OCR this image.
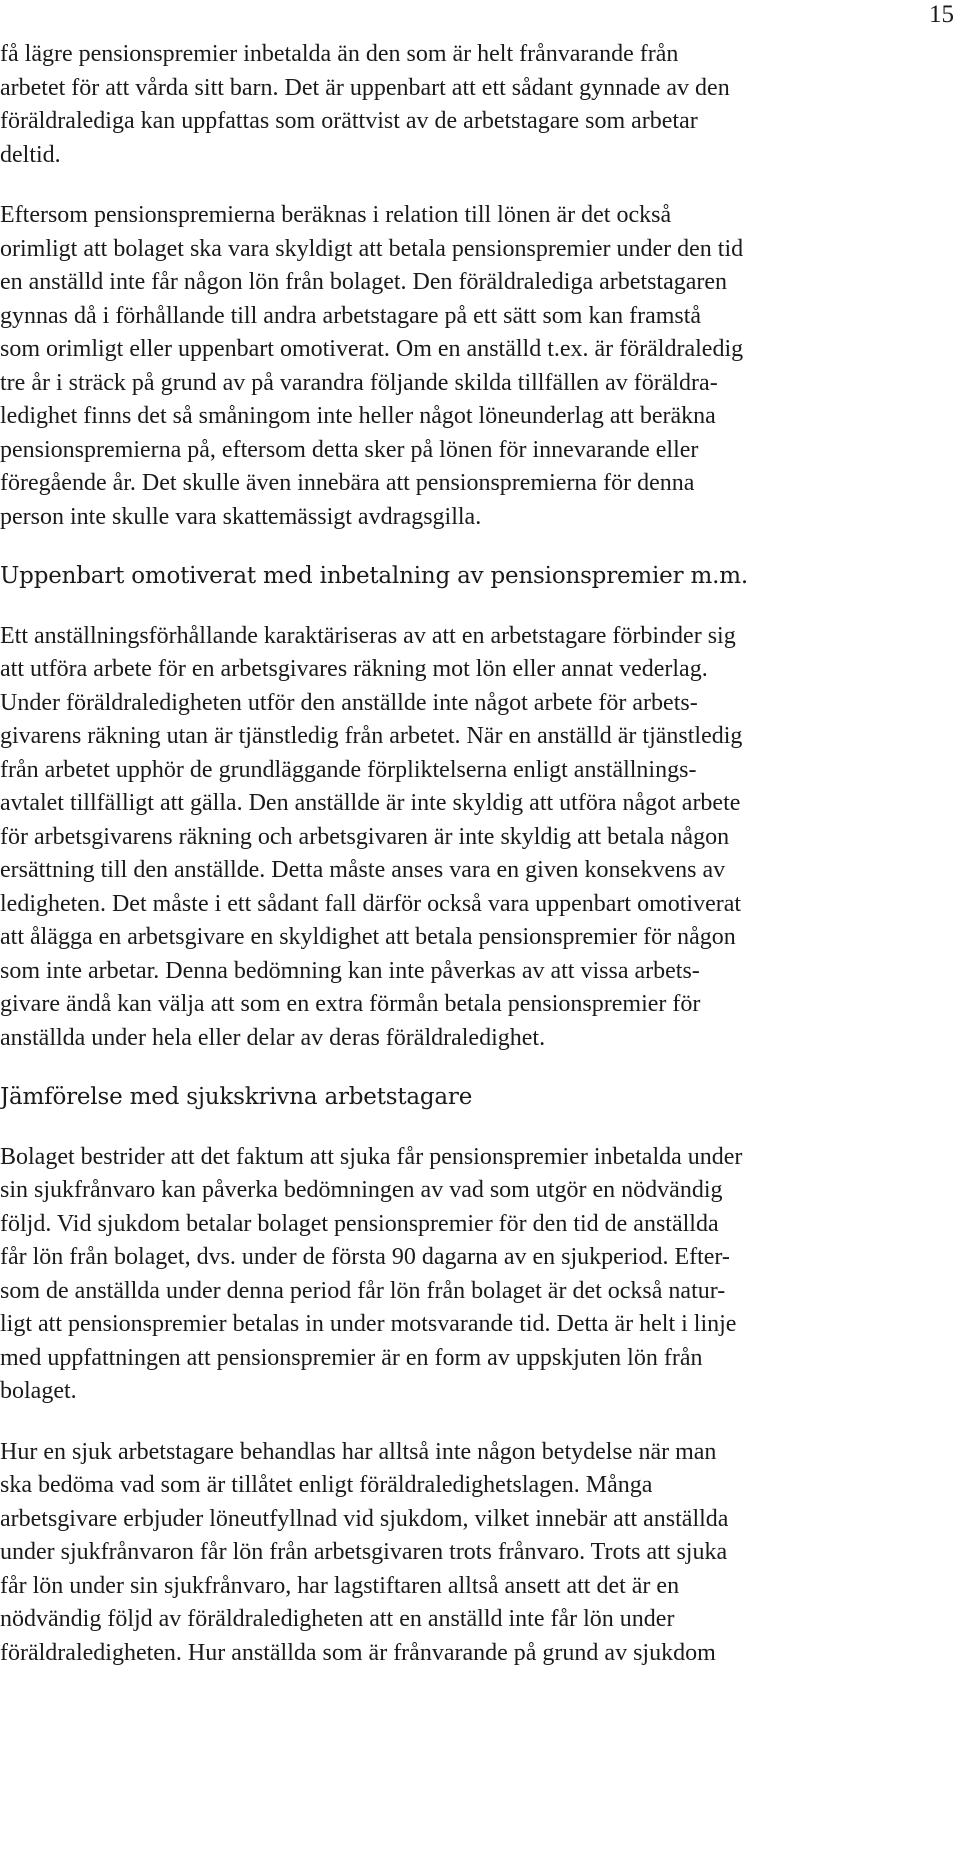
15

få lägre pensionspremier inbetalda än den som är helt frånvarande från
arbetet för att vårda sitt barn. Det är uppenbart att ett sådant gynnade av den
föräldralediga kan uppfattas som orättvist av de arbetstagare som arbetar
deltid.

Eftersom pensionspremierna beräknas i relation till lönen är det också
orimligt att bolaget ska vara skyldigt att betala pensionspremier under den tid
en anställd inte får någon lön från bolaget. Den föräldralediga arbetstagaren
gynnas då i förhållande till andra arbetstagare på ett sätt som kan framstå
som orimligt eller uppenbart omotiverat. Om en anställd t.ex. är föräldraledig
tre år i sträck på grund av på varandra följande skilda tillfällen av föräldra-
ledighet finns det så småningom inte heller något löneunderlag att beräkna
pensionspremierna på, eftersom detta sker på lönen för innevarande eller
föregående år. Det skulle även innebära att pensionspremierna för denna
person inte skulle vara skattemässigt avdragsgilla.

Uppenbart omotiverat med inbetalning av pensionspremier m.m.

Ett anställningsförhållande karaktäriseras av att en arbetstagare förbinder sig
att utföra arbete för en arbetsgivares räkning mot lön eller annat vederlag.
Under föräldraledigheten utför den anställde inte något arbete för arbets-
givarens räkning utan är tjänstledig från arbetet. När en anställd är tjänstledig
från arbetet upphör de grundläggande förpliktelserna enligt anställnings-
avtalet tillfälligt att gälla. Den anställde är inte skyldig att utföra något arbete
för arbetsgivarens räkning och arbetsgivaren är inte skyldig att betala någon
ersättning till den anställde. Detta måste anses vara en given konsekvens av
ledigheten. Det måste i ett sådant fall därför också vara uppenbart omotiverat
att ålägga en arbetsgivare en skyldighet att betala pensionspremier för någon
som inte arbetar. Denna bedömning kan inte påverkas av att vissa arbets-
givare ändå kan välja att som en extra förmån betala pensionspremier för
anställda under hela eller delar av deras föräldraledighet.

Jämförelse med sjukskrivna arbetstagare

Bolaget bestrider att det faktum att sjuka får pensionspremier inbetalda under
sin sjukfrånvaro kan påverka bedömningen av vad som utgör en nödvändig
följd. Vid sjukdom betalar bolaget pensionspremier för den tid de anställda
får lön från bolaget, dvs. under de första 90 dagarna av en sjukperiod. Efter-
som de anställda under denna period får lön från bolaget är det också natur-
ligt att pensionspremier betalas in under motsvarande tid. Detta är helt i linje
med uppfattningen att pensionspremier är en form av uppskjuten lön från
bolaget.

Hur en sjuk arbetstagare behandlas har alltså inte någon betydelse när man
ska bedöma vad som är tillåtet enligt föräldraledighetslagen. Många
arbetsgivare erbjuder löneutfyllnad vid sjukdom, vilket innebär att anställda
under sjukfrånvaron får lön från arbetsgivaren trots frånvaro. Trots att sjuka
får lön under sin sjukfrånvaro, har lagstiftaren alltså ansett att det är en
nödvändig följd av föräldraledigheten att en anställd inte får lön under
föräldraledigheten. Hur anställda som är frånvarande på grund av sjukdom
